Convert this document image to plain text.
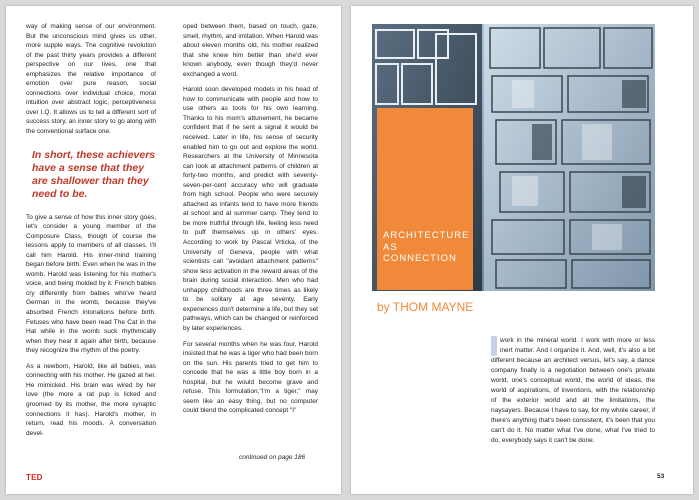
way of making sense of our environment. But the unconscious mind gives us other, more supple ways. The cognitive revolution of the past thirty years provides a different perspective on our lives, one that emphasizes the relative importance of emotion over pure reason, social connections over individual choice, moral intuition over abstract logic, perceptiveness over I.Q. It allows us to tell a different sort of success story, an inner story to go along with the conventional surface one.

In short, these achievers have a sense that they are shallower than they need to be.

To give a sense of how this inner story goes, let's consider a young member of the Composure Class, though of course the lessons apply to members of all classes. I'll call him Harold. His inner-mind training began before birth. Even when he was in the womb, Harold was listening for his mother's voice, and being molded by it. French babies cry differently from babies who've heard German in the womb, because they've absorbed French intonations before birth. Fetuses who have been read The Cat in the Hat while in the womb suck rhythmically when they hear it again after birth, because they recognize the rhythm of the poetry.

As a newborn, Harold, like all babies, was connecting with his mother. He gazed at her. He mimicked. His brain was wired by her love (the more a rat pup is licked and groomed by its mother, the more synaptic connections it has). Harold's mother, in return, read his moods. A conversation devel-

oped between them, based on touch, gaze, smell, rhythm, and imitation. When Harold was about eleven months old, his mother realized that she knew him better than she'd ever known anybody, even though they'd never exchanged a word.

Harold soon developed models in his head of how to communicate with people and how to use others as tools for his own learning. Thanks to his mom's attunement, he became confident that if he sent a signal it would be received. Later in life, his sense of security enabled him to go out and explore the world. Researchers at the University of Minnesota can look at attachment patterns of children at forty-two months, and predict with seventy-seven-per-cent accuracy who will graduate from high school. People who were securely attached as infants tend to have more friends at school and at summer camp. They tend to be more truthful through life, feeling less need to puff themselves up in others' eyes. According to work by Pascal Vrticka, of the University of Geneva, people with what scientists call "avoidant attachment patterns" show less activation in the reward areas of the brain during social interaction. Men who had unhappy childhoods are three times as likely to be solitary at age seventy. Early experiences don't determine a life, but they set pathways, which can be changed or reinforced by later experiences.

For several months when he was four, Harold insisted that he was a tiger who had been born on the sun. His parents tried to get him to concede that he was a little boy born in a hospital, but he would become grave and refuse. This formulation,"I'm a tiger," may seem like an easy thing, but no computer could blend the complicated concept "I"

continued on page 186
TED
ARCHITECTURE
AS
CONNECTION
by THOM MAYNE
work in the mineral world. I work with more or less inert matter. And I organize it. And, well, it's also a bit different because an architect versus, let's say, a dance company finally is a negotiation between one's private world, one's conceptual world, the world of ideas, the world of aspirations, of inventions, with the relationship of the exterior world and all the limitations, the naysayers. Because I have to say, for my whole career, if there's anything that's been consistent, it's been that you can't do it. No matter what I've done, what I've tried to do, everybody says it can't be done.
53
